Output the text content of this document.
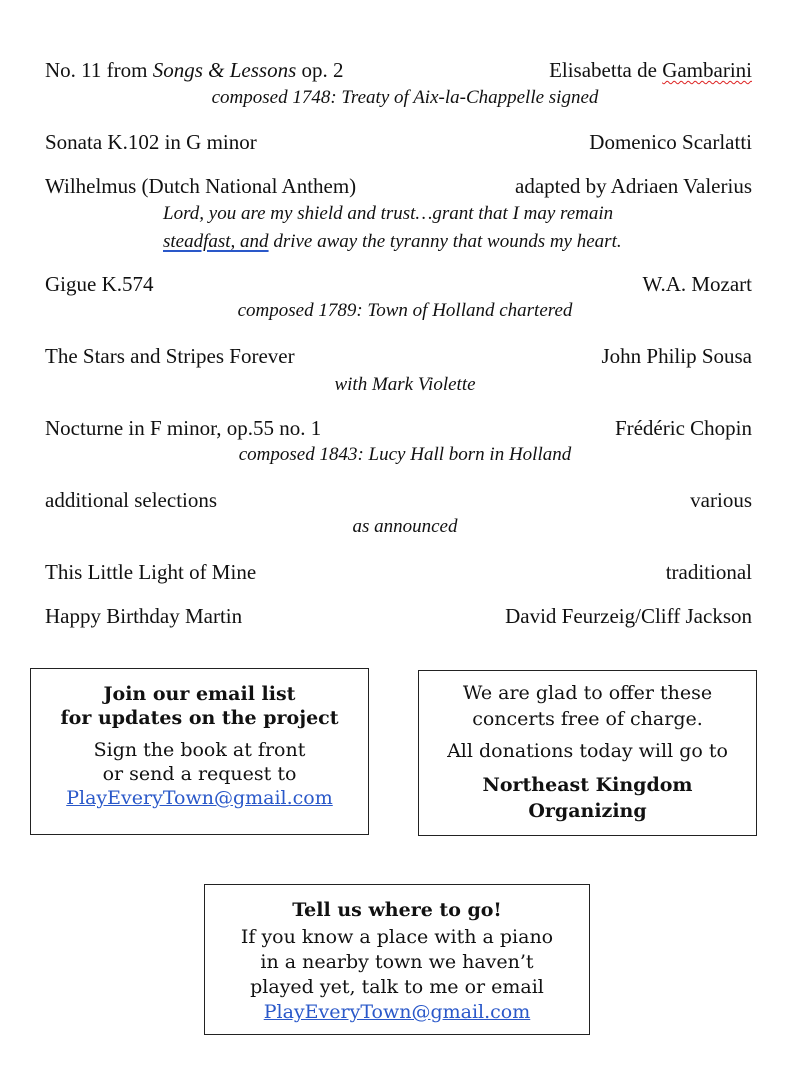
No. 11 from Songs & Lessons op. 2	Elisabetta de Gambarini
composed 1748: Treaty of Aix-la-Chappelle signed
Sonata K.102 in G minor	Domenico Scarlatti
Wilhelmus (Dutch National Anthem)	adapted by Adriaen Valerius
Lord, you are my shield and trust…grant that I may remain
steadfast, and drive away the tyranny that wounds my heart.
Gigue K.574	W.A. Mozart
composed 1789: Town of Holland chartered
The Stars and Stripes Forever	John Philip Sousa
with Mark Violette
Nocturne in F minor, op.55 no. 1	Frédéric Chopin
composed 1843: Lucy Hall born in Holland
additional selections	various
as announced
This Little Light of Mine	traditional
Happy Birthday Martin	David Feurzeig/Cliff Jackson
Join our email list
for updates on the project
Sign the book at front
or send a request to
PlayEveryTown@gmail.com
We are glad to offer these
concerts free of charge.
All donations today will go to
Northeast Kingdom
Organizing
Tell us where to go!
If you know a place with a piano
in a nearby town we haven’t
played yet, talk to me or email
PlayEveryTown@gmail.com
